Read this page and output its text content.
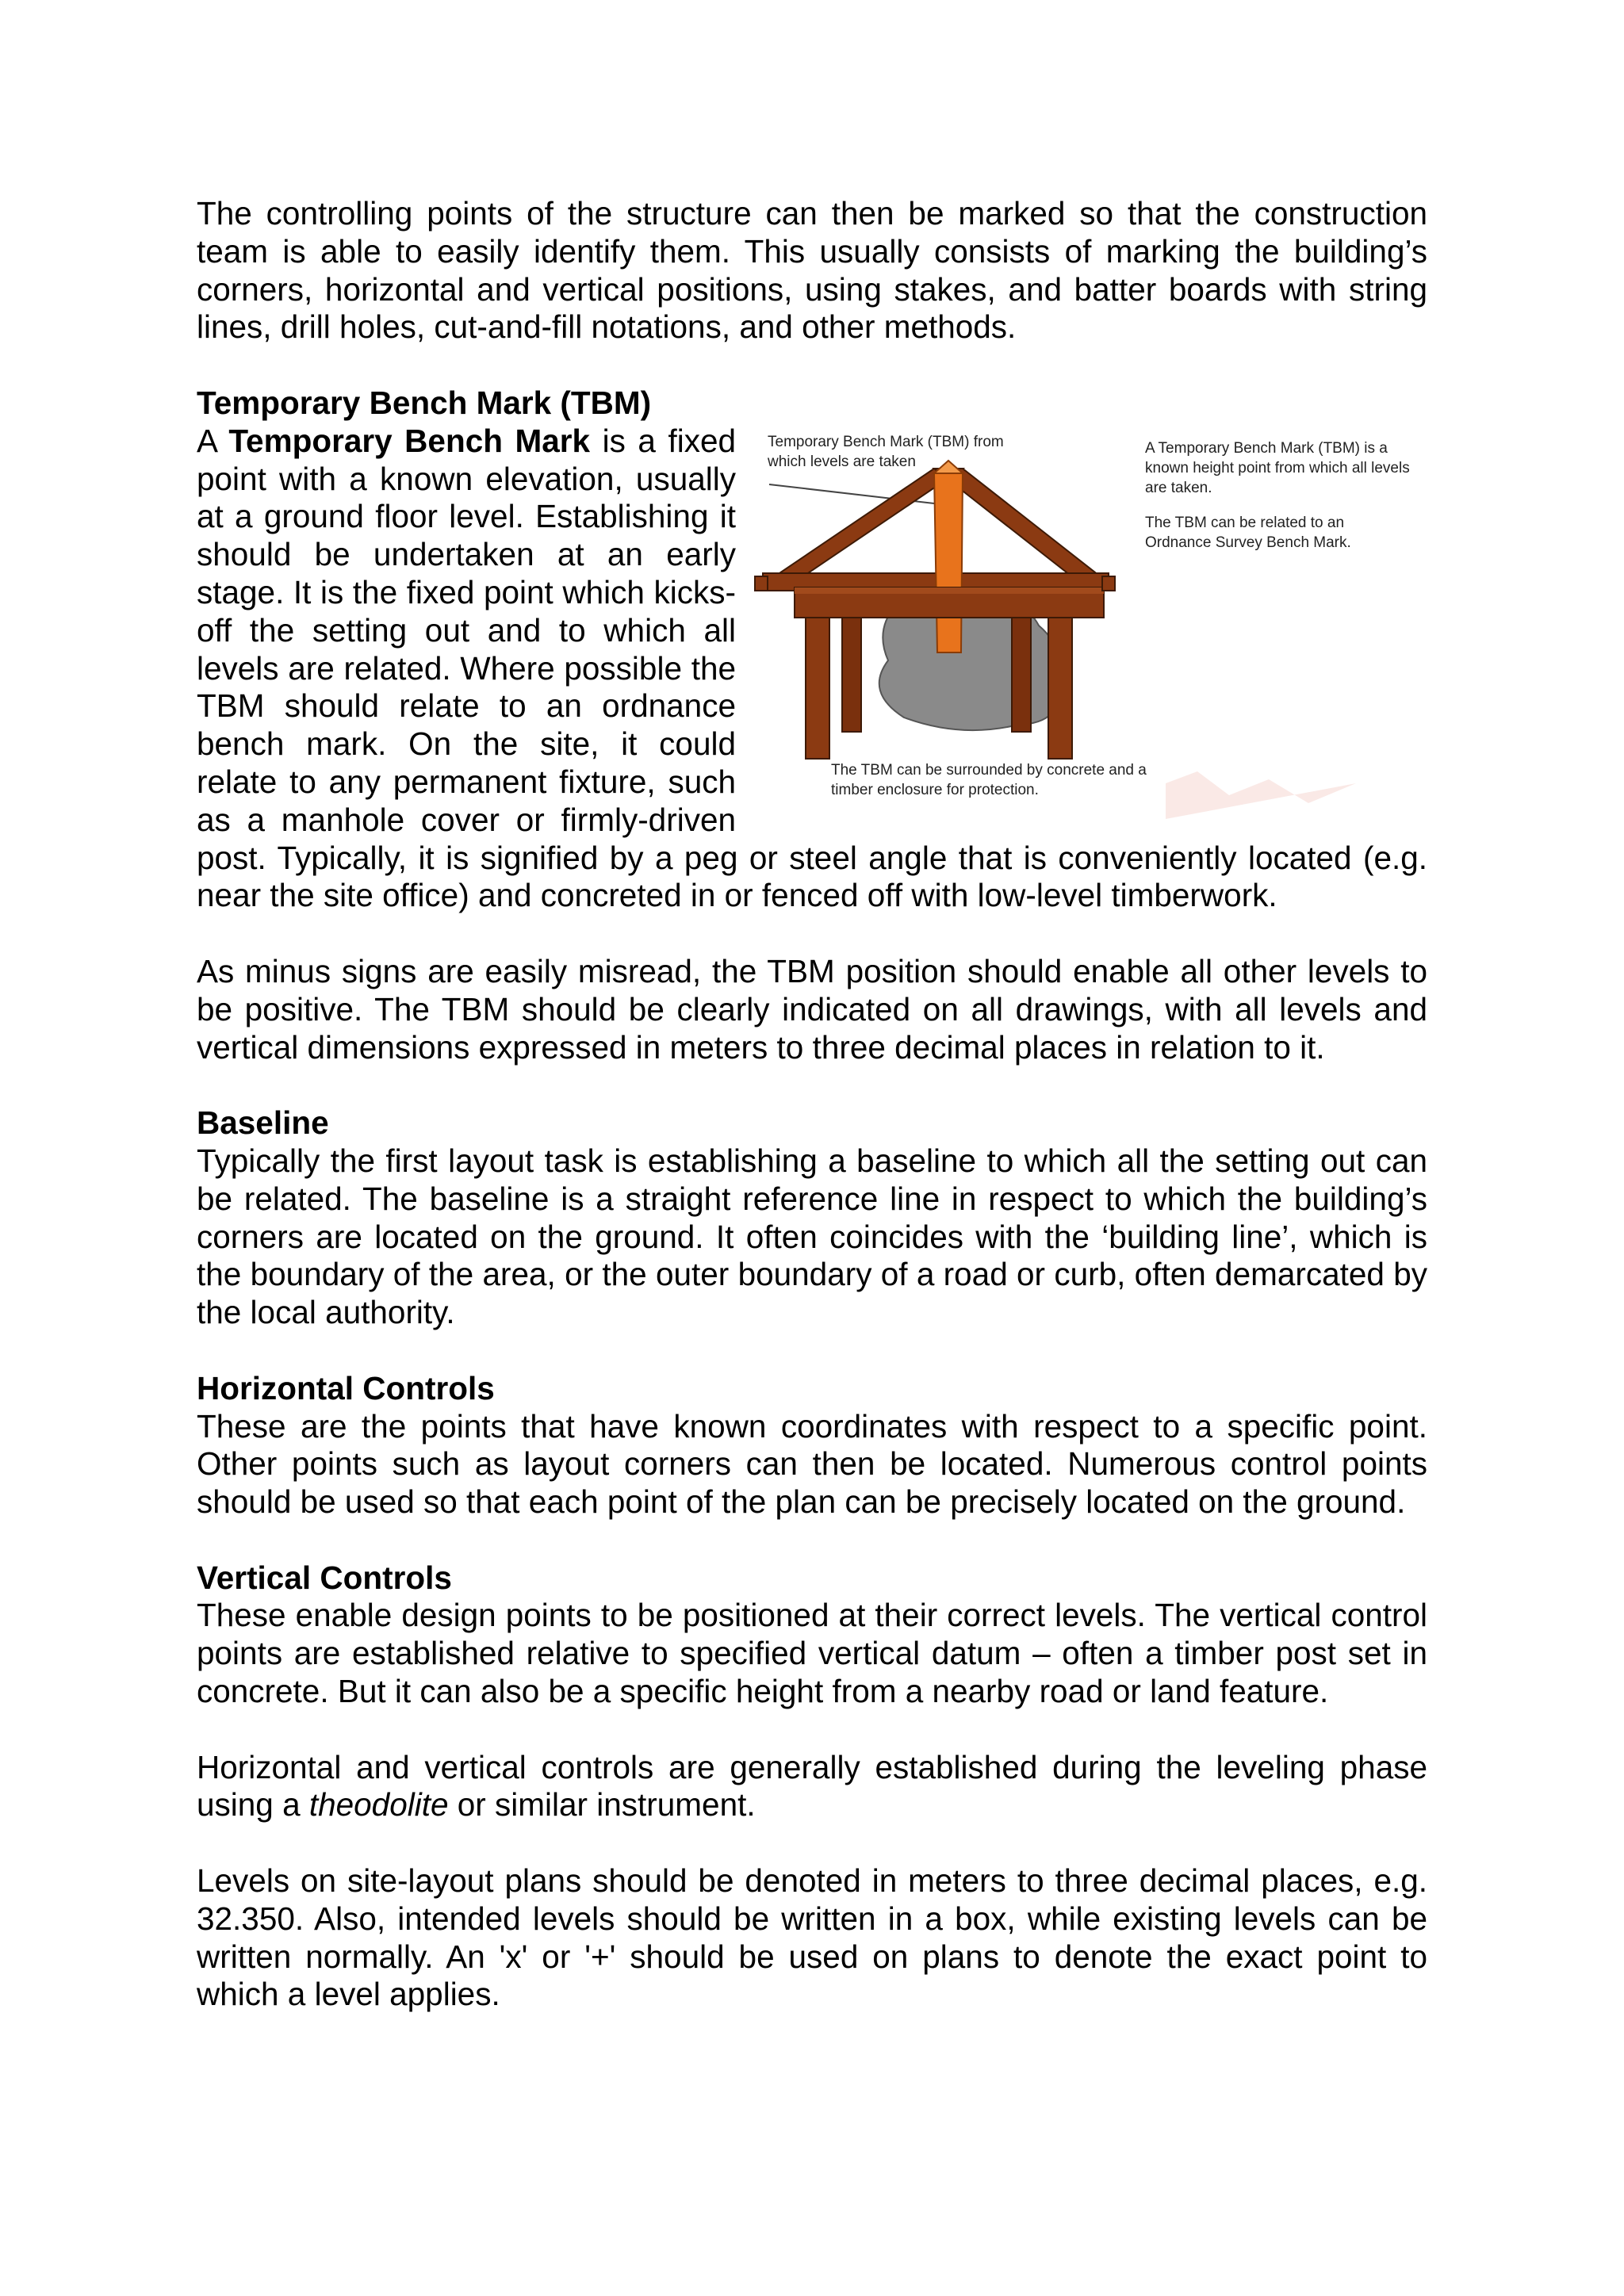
The controlling points of the structure can then be marked so that the construction team is able to easily identify them. This usually consists of marking the building’s corners, horizontal and vertical positions, using stakes, and batter boards with string lines, drill holes, cut-and-fill notations, and other methods.

Temporary Bench Mark (TBM)
Temporary Bench Mark (TBM) from which levels are taken
A Temporary Bench Mark (TBM) is a known height point from which all levels are taken.
The TBM can be related to an Ordnance Survey Bench Mark.
The TBM can be surrounded by concrete and a timber enclosure for protection.

A Temporary Bench Mark is a fixed point with a known elevation, usually at a ground floor level. Establishing it should be undertaken at an early stage. It is the fixed point which kicks-off the setting out and to which all levels are related. Where possible the TBM should relate to an ordnance bench mark. On the site, it could relate to any permanent fixture, such as a manhole cover or firmly-driven post. Typically, it is signified by a peg or steel angle that is conveniently located (e.g. near the site office) and concreted in or fenced off with low-level timberwork.

As minus signs are easily misread, the TBM position should enable all other levels to be positive. The TBM should be clearly indicated on all drawings, with all levels and vertical dimensions expressed in meters to three decimal places in relation to it.

Baseline

Typically the first layout task is establishing a baseline to which all the setting out can be related. The baseline is a straight reference line in respect to which the building’s corners are located on the ground. It often coincides with the ‘building line’, which is the boundary of the area, or the outer boundary of a road or curb, often demarcated by the local authority.

Horizontal Controls

These are the points that have known coordinates with respect to a specific point. Other points such as layout corners can then be located. Numerous control points should be used so that each point of the plan can be precisely located on the ground.

Vertical Controls

These enable design points to be positioned at their correct levels. The vertical control points are established relative to specified vertical datum – often a timber post set in concrete. But it can also be a specific height from a nearby road or land feature.

Horizontal and vertical controls are generally established during the leveling phase using a theodolite or similar instrument.

Levels on site-layout plans should be denoted in meters to three decimal places, e.g. 32.350. Also, intended levels should be written in a box, while existing levels can be written normally. An 'x' or '+' should be used on plans to denote the exact point to which a level applies.
